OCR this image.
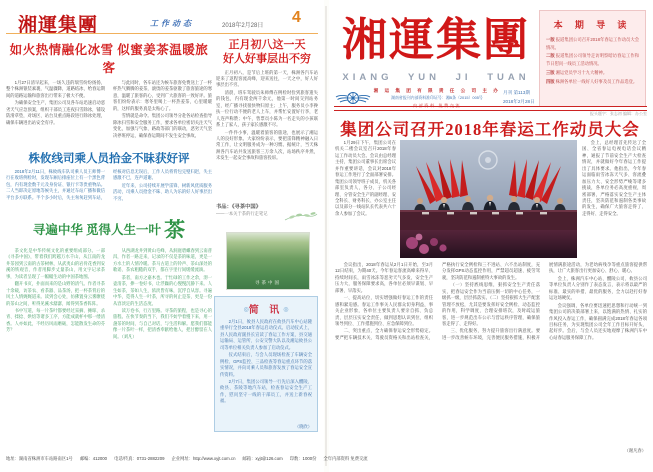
湘運集團	工作动态	2018年2月28日 4
如火热情融化冰雪 似蜜姜茶温暖旅客

1月27日清早起来，一场久违的瑞雪纷纷扬扬，整个株洲银装素裹，气温骤降，道路结冰，给春运期间的道路运输和旅客出行带来了极大不便。

为确保安全生产，集团公司及各车站迅速启动恶劣天气应急预案，组织干部员工连夜扫雪除冰，铺设防滑草垫，对场区、站台及重点路段进行除冰处理，确保车辆进出站安全有序。

与此同时，各车站还为候车旅客免费送上了一杯杯热气腾腾的姜茶，滚烫的姜茶驱散了旅客旅途的寒意，温暖了旅客的心，受到广大旅客的一致好评。旅客们纷纷表示：寒冬里喝上一杯热姜茶，心里暖暖的，这样的服务真是太贴心了。

雪情就是命令。集团公司领导分赴各站检查指导除冰扫雪和安全服务工作，要求各单位密切关注天气变化，加强与气象、路政等部门的联动，恶劣天气坚决停班停运，确保春运期间不发生安全事故。

株攸线司乘人员拾金不昧获好评

2018年2月11日，株攸线车队司乘人员王师傅一行在收班例检时，发现车厢后排座位上有一个黑色背包，内有现金数千元及身份证、银行卡等贵重物品。二人当即决定原地等候失主，并通过车站广播和微信平台多方联系。半个多小时后，失主匆匆赶到车站，经核对信息无误后，工作人员将背包完璧归赵，失主感激不已，连声道谢。

近年来，公司持续开展学雷锋、树新风优质服务活动，司乘人员拾金不昧、助人为乐的好人好事层出不穷。

寻遍中华 觅得人生一叶 茶

茶文化是中华传统文化的重要组成部分。一部《寻茶中国》，带着我们跨越万水千山，从江南的龙井茶园到云南的古茶树林，从武夷山的岩骨花香到安溪的铁观音，作者用脚步丈量茶山，用文字记录茶事，为读者呈现了一幅幅生动的中国茶地图。

翻开书页，扑面而来的是山野的清气。作者寻茶十余载，访茶农、看茶器、品茶汤，把一杯茶背后的风土人情娓娓道来。读到会心处，仿佛置身云雾缭绕的茶山之间，听得见溪水潺潺，闻得到茶香阵阵。

书中写道，每一片茶叶都要经过采摘、摊晾、杀青、揉捻、烘焙等诸多工序，方能成就杯中那一缕清香。人亦如此，不经历风雨磨砺，怎能散发生命的芬芳？

从西湖龙井到黄山毛峰，从洞庭碧螺春到云南普洱，作者一路走来，记录的不仅是茶的味道，更是一方水土的人情冷暖。茶马古道上的铃声、茶山深处的歌谣、茶农粗糙的双手，都在字里行间缓缓流淌。

茶者，南方之嘉木也。于忙碌的工作之余，沏一壶清茶，捧一卷好书，让浮躁的心慢慢沉静下来。人生如茶，茶如人生，浓淡皆有味，沉浮自从容。寻遍中华，觅得人生一叶茶，所寻的何止是茶，更是一份从容淡定的生活态度。

读万卷书，行万里路。寻茶的旅程，也是寻心的旅程。在快节奏的当下，我们不妨学着慢下来，用一盏茶的时间，与自己对话，与生活和解。愿我们都能像一片茶叶一样，把清香奉献给他人，把甘醇留在人间。（刘凡）

正月初八这一天
好人好事层出不穷

正月初八，是节后上班的第一天，株洲各汽车站迎来了返程客流高峰，迎来送往，一天之中，好人好事层出不穷。

清晨，班车驾驶员朱师傅在例检时捡到旅客遗失的钱包，内有现金两千余元，他第一时间交到站务室，经广播寻找很快物归原主；上午，服务员小李搀扶一位行动不便的老人上车，并帮忙安置好行李，老人连声称赞；中午，售票员小陈为一名走失的小孩联系上了家人，孩子家长感激不尽。

一件件小事，温暖着旅客的旅途，也展示了湘运人的良好形象。大家纷纷表示，要把雷锋精神融入日常工作，让文明服务成为一种习惯。据统计，当天株洲各汽车站共发送旅客三万余人次，站场秩序井然，未发生一起安全事故和旅客投诉。

书品：《寻茶中国》
——一本关于茶的行走笔记
寻茶中国
◎简 讯◎

2月1日，攸县人民政府在攸县汽车中心站隆重举行全县2018年春运启动仪式。启动仪式上，县人民政府副县长宣读了春运工作方案，县交通运输局、运管所、公安交警大队以及湘运攸县公司等单位相关负责人参加了启动仪式。

仪式结束后，与会人员现场检查了车辆安全例检、GPS监控、三品检查等春运重点环节的落实情况，并向司乘人员和旅客发放了春运安全宣传资料。

2月7日，集团公司领导一行先后深入醴陵、攸县、茶陵等地汽车站，检查春运安全生产工作，慰问坚守一线的干部员工，并送上新春祝福。

（晓欣）
本 期 导 读
一版报道集团公司召开2018年春运工作动员大会情况。
二版报道集团公司领导走访明察暗访春运工作和节日慰问一线员工活动情况。
三版湘运党员学习十九大精神。
四版株洲各单位一线好人好事及员工作品选登。
湘運集團
XIANG YUN JI TUAN
湘 运 集 团 有 限 责 任 公 司 主 办
湖南省报刊内部资料准印证号：湘B条（2015）005号
内部资料 免费交流
月刊 第113期
2018年2月28日
报头题字：张志初 编辑：办公室
集团公司召开2018年春运工作动员大会

1月29日下午，集团公司在机关二楼会议室召开2018年春运工作动员大会。会议由总经理主持，集团公司董事长出席会议并作重要讲话，会议对2018年春运工作进行了全面部署安排。集团公司领导班子成员，机关各部室负责人，各分、子公司经理、分管安全生产的副经理、安全科长、财务科长、办公室主任以及部分一线站队长代表共六十余人参加了会议。

会上，总经理首先传达了全国、全省春运电视电话会议精神，通报了节前安全生产大检查情况，并就做好今年春运工作提出了具体要求。他指出，今年春运面临雨雪冰冻天气多、客流叠加压力大、安全形势严峻等诸多挑战，各单位务必高度重视，周密部署，严格落实安全生产主体责任，坚决防范和遏制各类事故的发生，确保广大旅客走得了、走得好、走得安全。

会议指出，2018年春运从2月1日开始，至3月12日结束，为期40天。今年春运客流高峰来得早、持续时间长，雨雪冰冻等恶劣天气多发，安全生产压力大，服务保障要求高，各单位必须早谋划、早部署、早落实。

一、提高站位，切实增强做好春运工作的责任感和紧迫感。春运工作事关人民群众切身利益，事关企业形象，各单位主要负责人要亲自抓、负总责，层层压实安全责任，做到思想认识到位、组织领导到位、工作措施到位、应急保障到位。

二、突出重点，全力确保春运安全形势稳定。要严把车辆技术关、驾驶员资格关和出站检查关，严格执行安全例检和三不进站、六不出站制度，充分发挥GPS动态监控作用，严禁超员超速、疲劳驾驶，坚决防范和遏制重特大事故的发生。

（一）坚持底线思维，狠抓安全生产责任落实，把春运安全作为当前压倒一切的中心任务，一级抓一级，层层抓落实。（二）坚持狠抓大生产配套管理不放松，尤其是要发挥好安全例检、动态监控的作用，科学调度，合理安排班次，及时疏运旅客，进一步规范出车公示与营运秩序管理，确保旅客走得了、走得好。

三、优化服务，努力提升旅客出行满意度。要进一步改善候车环境，完善便民服务措施，积极开展情满旅途活动，为老幼病残孕等重点旅客提供帮扶，让广大旅客出行更加安心、舒心、暖心。

会上，株洲汽车中心站、醴陵公司、攸县公司等单位负责人分别作了表态发言，表示将以最严的标准、最实的举措、最优的服务，全力以赴打好春运这场硬仗。

会议强调，各单位要迅速把思想和行动统一到集团公司的决策部署上来，以饱满的热情、扎实的作风投入春运工作，确保圆满完成2018年春运各项目标任务，为实现集团公司全年工作目标开好头、起好步。会后，与会人员还实地观摩了株洲汽车中心站春运服务保障工作。

（谢凡春）
地址：湖南省株洲市车站路南区1号 邮编：412000 电话/传真：0731-2882209 企业网址：http://www.xyjt.com.cn 邮箱：xyjt@126.com 印数：1000份 全年内部资料 免费交流
